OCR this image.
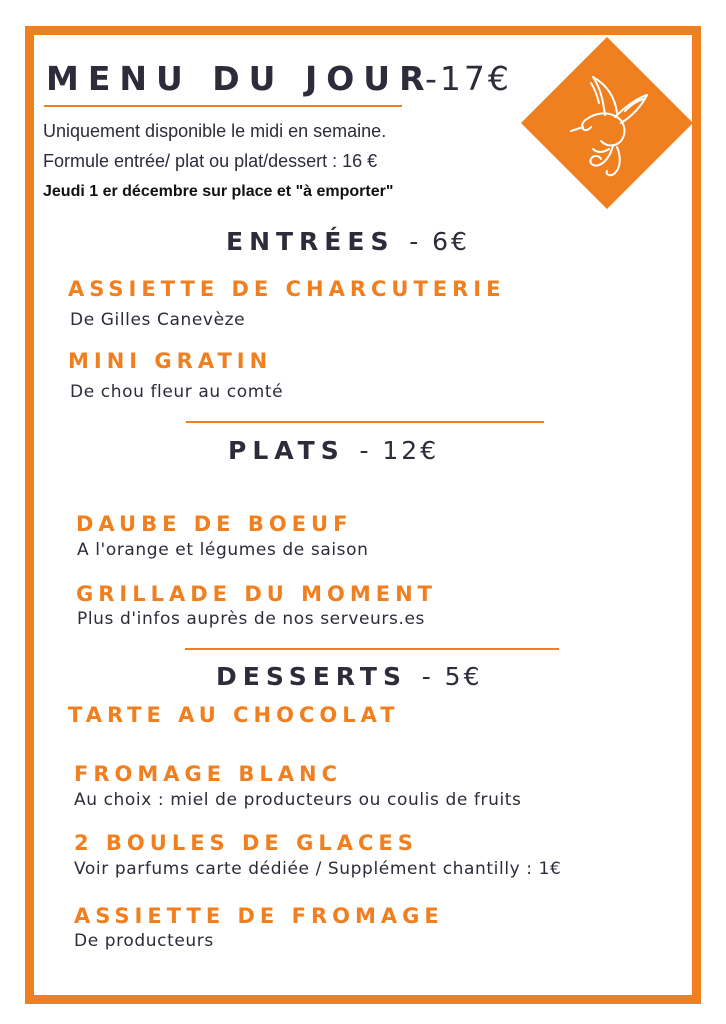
MENU DU JOUR
-17€
Uniquement disponible le midi en semaine.
Formule entrée/ plat ou plat/dessert : 16 €
Jeudi 1 er décembre sur place et "à emporter"
ENTRÉES - 6€
ASSIETTE DE CHARCUTERIE
De Gilles Canevèze
MINI GRATIN
De chou fleur au comté
PLATS - 12€
DAUBE DE BOEUF
A l'orange et légumes de saison
GRILLADE DU MOMENT
Plus d'infos auprès de nos serveurs.es
DESSERTS - 5€
TARTE AU CHOCOLAT
FROMAGE BLANC
Au choix : miel de producteurs ou coulis de fruits
2 BOULES DE GLACES
Voir parfums carte dédiée / Supplément chantilly : 1€
ASSIETTE DE FROMAGE
De producteurs
